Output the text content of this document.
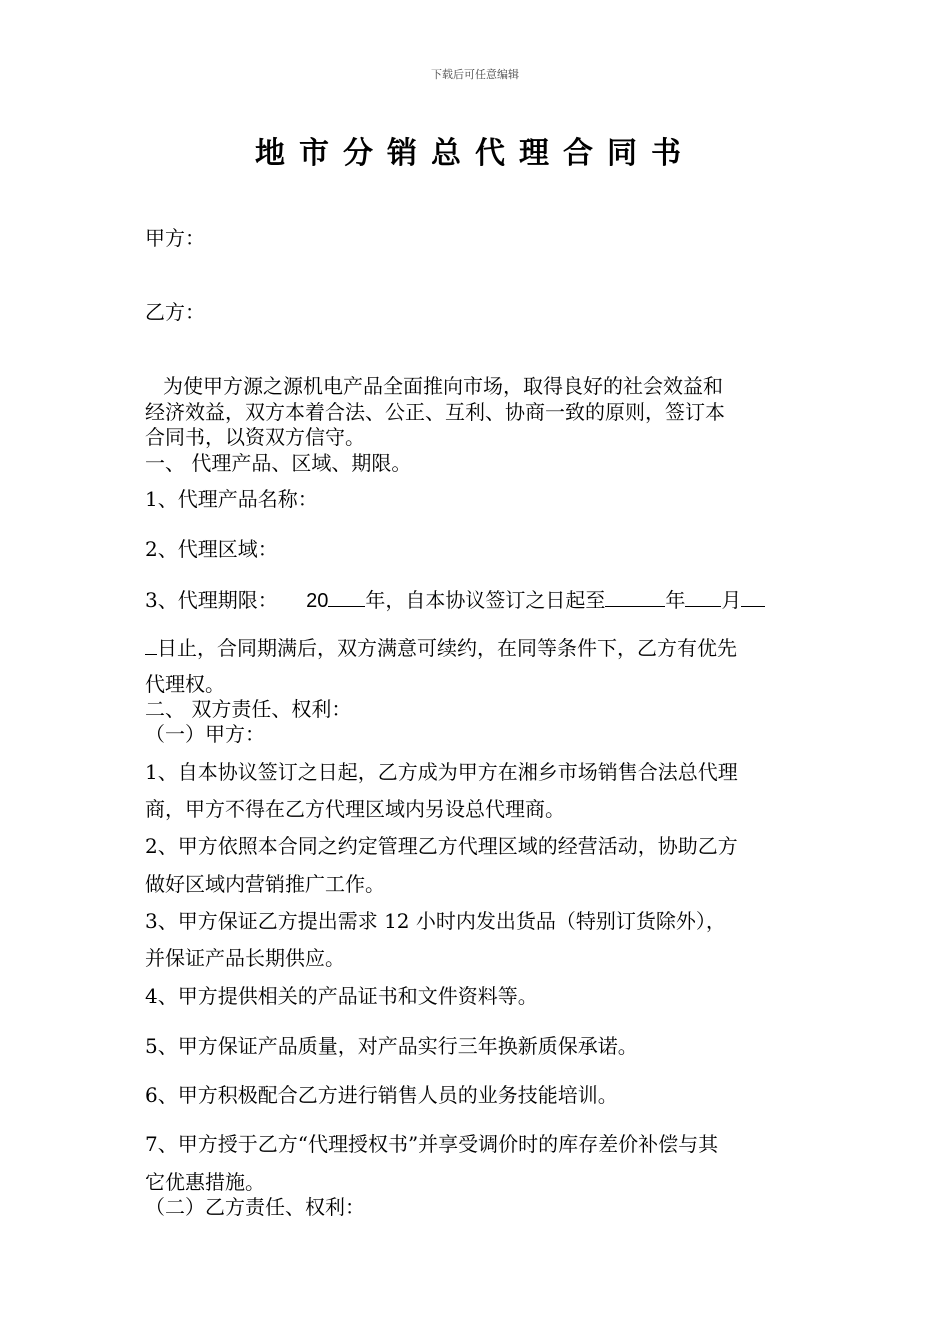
下载后可任意编辑
地市分销总代理合同书
甲方：
乙方：
为使甲方源之源机电产品全面推向市场，取得良好的社会效益和
经济效益，双方本着合法、公正、互利、协商一致的原则，签订本
合同书，以资双方信守。
一、 代理产品、区域、期限。
1、代理产品名称：
2、代理区域：
3、代理期限： 20 年，自本协议签订之日起至	年 月
日止，合同期满后，双方满意可续约，在同等条件下，乙方有优先
代理权。
二、 双方责任、权利：
（一）甲方：
1、自本协议签订之日起，乙方成为甲方在湘乡市场销售合法总代理
商，甲方不得在乙方代理区域内另设总代理商。
2、甲方依照本合同之约定管理乙方代理区域的经营活动，协助乙方
做好区域内营销推广工作。
3、甲方保证乙方提出需求 12 小时内发出货品（特别订货除外），
并保证产品长期供应。
4、甲方提供相关的产品证书和文件资料等。
5、甲方保证产品质量，对产品实行三年换新质保承诺。
6、甲方积极配合乙方进行销售人员的业务技能培训。
7、甲方授于乙方“代理授权书”并享受调价时的库存差价补偿与其
它优惠措施。
（二）乙方责任、权利：
